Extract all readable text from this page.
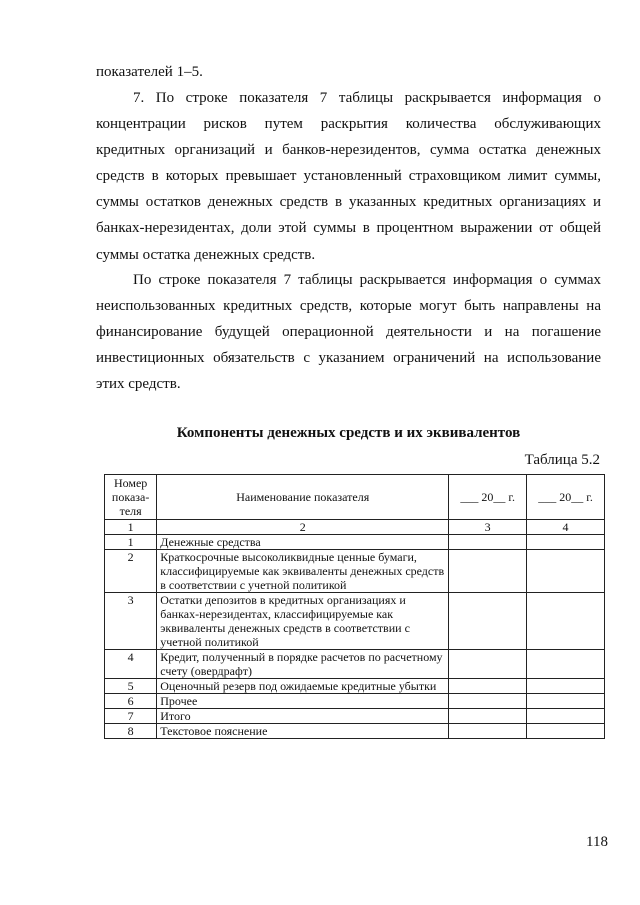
показателей 1–5.
7. По строке показателя 7 таблицы раскрывается информация о концентрации рисков путем раскрытия количества обслуживающих кредитных организаций и банков-нерезидентов, сумма остатка денежных средств в которых превышает установленный страховщиком лимит суммы, суммы остатков денежных средств в указанных кредитных организациях и банках-нерезидентах, доли этой суммы в процентном выражении от общей суммы остатка денежных средств.
По строке показателя 7 таблицы раскрывается информация о суммах неиспользованных кредитных средств, которые могут быть направлены на финансирование будущей операционной деятельности и на погашение инвестиционных обязательств с указанием ограничений на использование этих средств.
Компоненты денежных средств и их эквивалентов
Таблица 5.2
Номер показа-теля	Наименование показателя	___ 20__ г.	___ 20__ г.
1	2	3	4
1	Денежные средства		
2	Краткосрочные высоколиквидные ценные бумаги, классифицируемые как эквиваленты денежных средств в соответствии с учетной политикой		
3	Остатки депозитов в кредитных организациях и банках-нерезидентах, классифицируемые как эквиваленты денежных средств в соответствии с учетной политикой		
4	Кредит, полученный в порядке расчетов по расчетному счету (овердрафт)		
5	Оценочный резерв под ожидаемые кредитные убытки		
6	Прочее		
7	Итого		
8	Текстовое пояснение		
118
